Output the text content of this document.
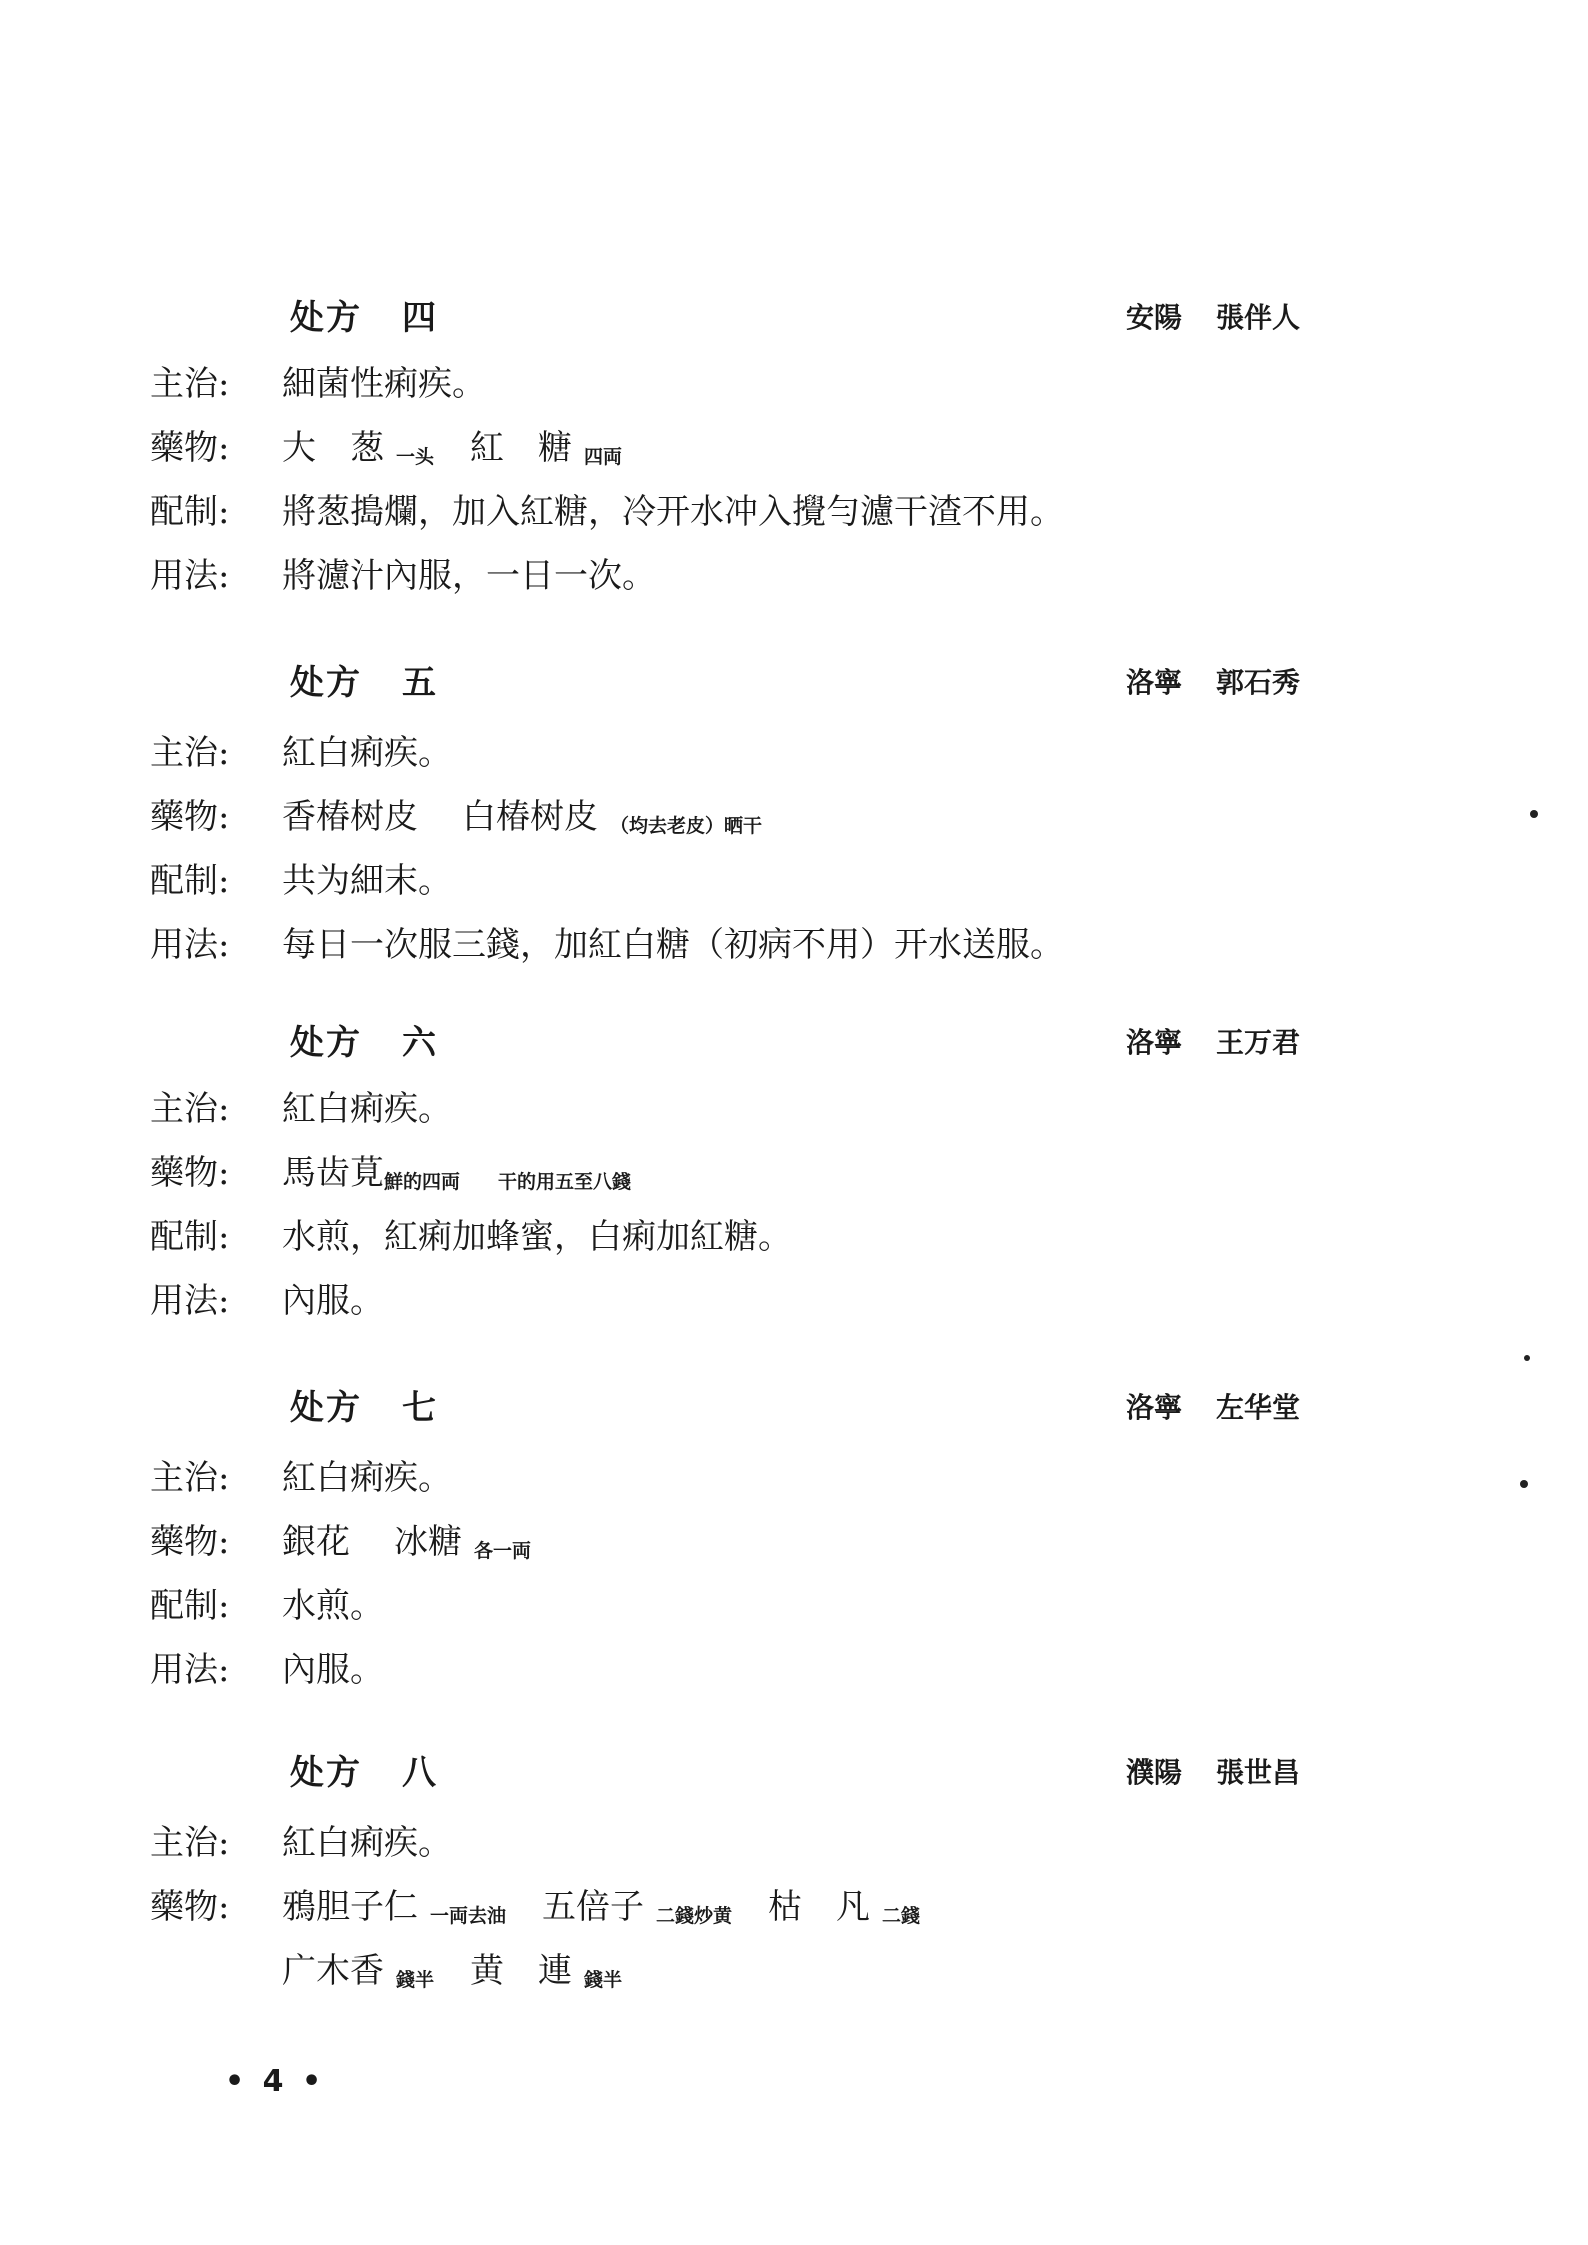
处方 四	安陽 張伴人
主治: 細菌性痢疾。
藥物: 大　葱 一头 紅　糖 四両
配制: 將葱搗爛，加入紅糖，冷开水冲入攪勻濾干渣不用。
用法: 將濾汁內服，一日一次。
处方 五	洛寧 郭石秀
主治: 紅白痢疾。
藥物: 香椿树皮 白椿树皮 （均去老皮）晒干
配制: 共为細末。
用法: 每日一次服三錢，加紅白糖（初病不用）开水送服。
处方 六	洛寧 王万君
主治: 紅白痢疾。
藥物: 馬齿莧鮮的四両　　干的用五至八錢
配制: 水煎，紅痢加蜂蜜，白痢加紅糖。
用法: 內服。
处方 七	洛寧 左华堂
主治: 紅白痢疾。
藥物: 銀花 冰糖 各一両
配制: 水煎。
用法: 內服。
处方 八	濮陽 張世昌
主治: 紅白痢疾。
藥物: 鴉胆子仁 一両去油 五倍子 二錢炒黄 枯　凡 二錢
广木香 錢半 黄　連 錢半
• 4 •
